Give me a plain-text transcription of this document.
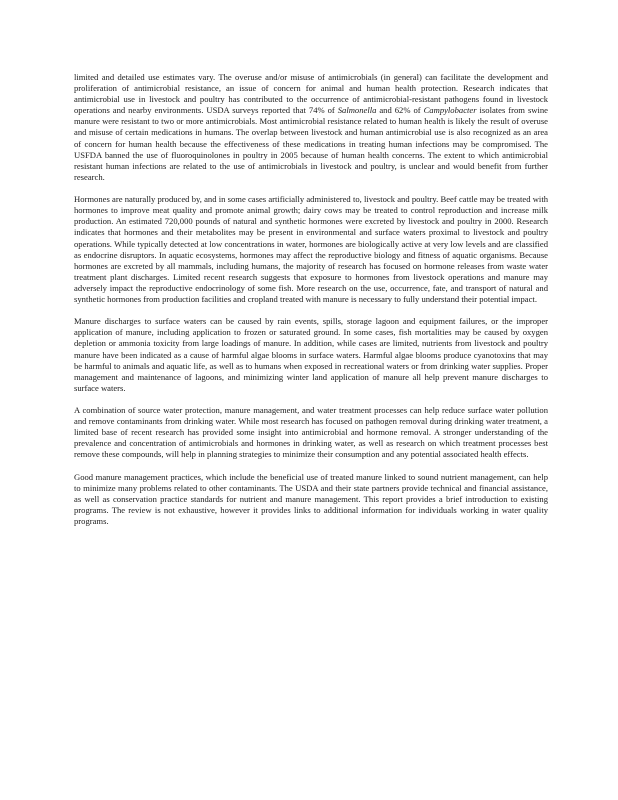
limited and detailed use estimates vary. The overuse and/or misuse of antimicrobials (in general) can facilitate the development and proliferation of antimicrobial resistance, an issue of concern for animal and human health protection. Research indicates that antimicrobial use in livestock and poultry has contributed to the occurrence of antimicrobial-resistant pathogens found in livestock operations and nearby environments. USDA surveys reported that 74% of Salmonella and 62% of Campylobacter isolates from swine manure were resistant to two or more antimicrobials. Most antimicrobial resistance related to human health is likely the result of overuse and misuse of certain medications in humans. The overlap between livestock and human antimicrobial use is also recognized as an area of concern for human health because the effectiveness of these medications in treating human infections may be compromised. The USFDA banned the use of fluoroquinolones in poultry in 2005 because of human health concerns. The extent to which antimicrobial resistant human infections are related to the use of antimicrobials in livestock and poultry, is unclear and would benefit from further research.

Hormones are naturally produced by, and in some cases artificially administered to, livestock and poultry. Beef cattle may be treated with hormones to improve meat quality and promote animal growth; dairy cows may be treated to control reproduction and increase milk production. An estimated 720,000 pounds of natural and synthetic hormones were excreted by livestock and poultry in 2000. Research indicates that hormones and their metabolites may be present in environmental and surface waters proximal to livestock and poultry operations. While typically detected at low concentrations in water, hormones are biologically active at very low levels and are classified as endocrine disruptors. In aquatic ecosystems, hormones may affect the reproductive biology and fitness of aquatic organisms. Because hormones are excreted by all mammals, including humans, the majority of research has focused on hormone releases from waste water treatment plant discharges. Limited recent research suggests that exposure to hormones from livestock operations and manure may adversely impact the reproductive endocrinology of some fish. More research on the use, occurrence, fate, and transport of natural and synthetic hormones from production facilities and cropland treated with manure is necessary to fully understand their potential impact.

Manure discharges to surface waters can be caused by rain events, spills, storage lagoon and equipment failures, or the improper application of manure, including application to frozen or saturated ground. In some cases, fish mortalities may be caused by oxygen depletion or ammonia toxicity from large loadings of manure. In addition, while cases are limited, nutrients from livestock and poultry manure have been indicated as a cause of harmful algae blooms in surface waters. Harmful algae blooms produce cyanotoxins that may be harmful to animals and aquatic life, as well as to humans when exposed in recreational waters or from drinking water supplies. Proper management and maintenance of lagoons, and minimizing winter land application of manure all help prevent manure discharges to surface waters.

A combination of source water protection, manure management, and water treatment processes can help reduce surface water pollution and remove contaminants from drinking water. While most research has focused on pathogen removal during drinking water treatment, a limited base of recent research has provided some insight into antimicrobial and hormone removal. A stronger understanding of the prevalence and concentration of antimicrobials and hormones in drinking water, as well as research on which treatment processes best remove these compounds, will help in planning strategies to minimize their consumption and any potential associated health effects.

Good manure management practices, which include the beneficial use of treated manure linked to sound nutrient management, can help to minimize many problems related to other contaminants. The USDA and their state partners provide technical and financial assistance, as well as conservation practice standards for nutrient and manure management. This report provides a brief introduction to existing programs. The review is not exhaustive, however it provides links to additional information for individuals working in water quality programs.
